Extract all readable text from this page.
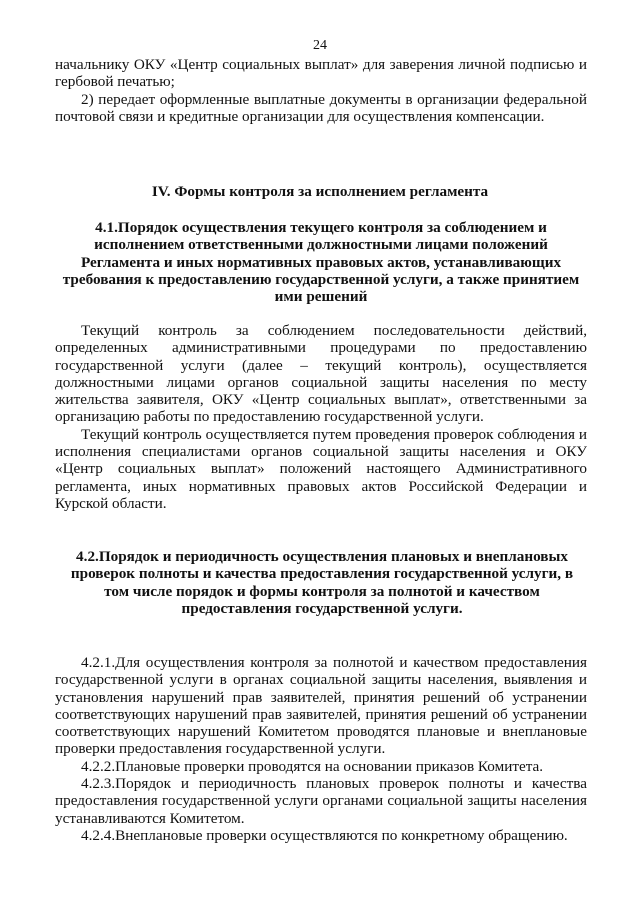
24

начальнику ОКУ «Центр социальных выплат» для заверения личной подписью и гербовой печатью;

2) передает оформленные выплатные документы в организации федеральной почтовой связи и кредитные организации для осуществления компенсации.

IV. Формы контроля за исполнением регламента

4.1.Порядок осуществления текущего контроля за соблюдением и исполнением ответственными должностными лицами положений Регламента и иных нормативных правовых актов, устанавливающих требования к предоставлению государственной услуги, а также принятием ими решений

Текущий контроль за соблюдением последовательности действий, определенных административными процедурами по предоставлению государственной услуги (далее – текущий контроль), осуществляется должностными лицами органов социальной защиты населения по месту жительства заявителя, ОКУ «Центр социальных выплат», ответственными за организацию работы по предоставлению государственной услуги.

Текущий контроль осуществляется путем проведения проверок соблюдения и исполнения специалистами органов социальной защиты населения и ОКУ «Центр социальных выплат» положений настоящего Административного регламента, иных нормативных правовых актов Российской Федерации и Курской области.

4.2.Порядок и периодичность осуществления плановых и внеплановых проверок полноты и качества предоставления государственной услуги, в том числе порядок и формы контроля за полнотой и качеством предоставления государственной услуги.

4.2.1.Для осуществления контроля за полнотой и качеством предоставления государственной услуги в органах социальной защиты населения, выявления и установления нарушений прав заявителей, принятия решений об устранении соответствующих нарушений прав заявителей, принятия решений об устранении соответствующих нарушений Комитетом проводятся плановые и внеплановые проверки предоставления государственной услуги.

4.2.2.Плановые проверки проводятся на основании приказов Комитета.

4.2.3.Порядок и периодичность плановых проверок полноты и качества предоставления государственной услуги органами социальной защиты населения устанавливаются Комитетом.

4.2.4.Внеплановые проверки осуществляются по конкретному обращению.
